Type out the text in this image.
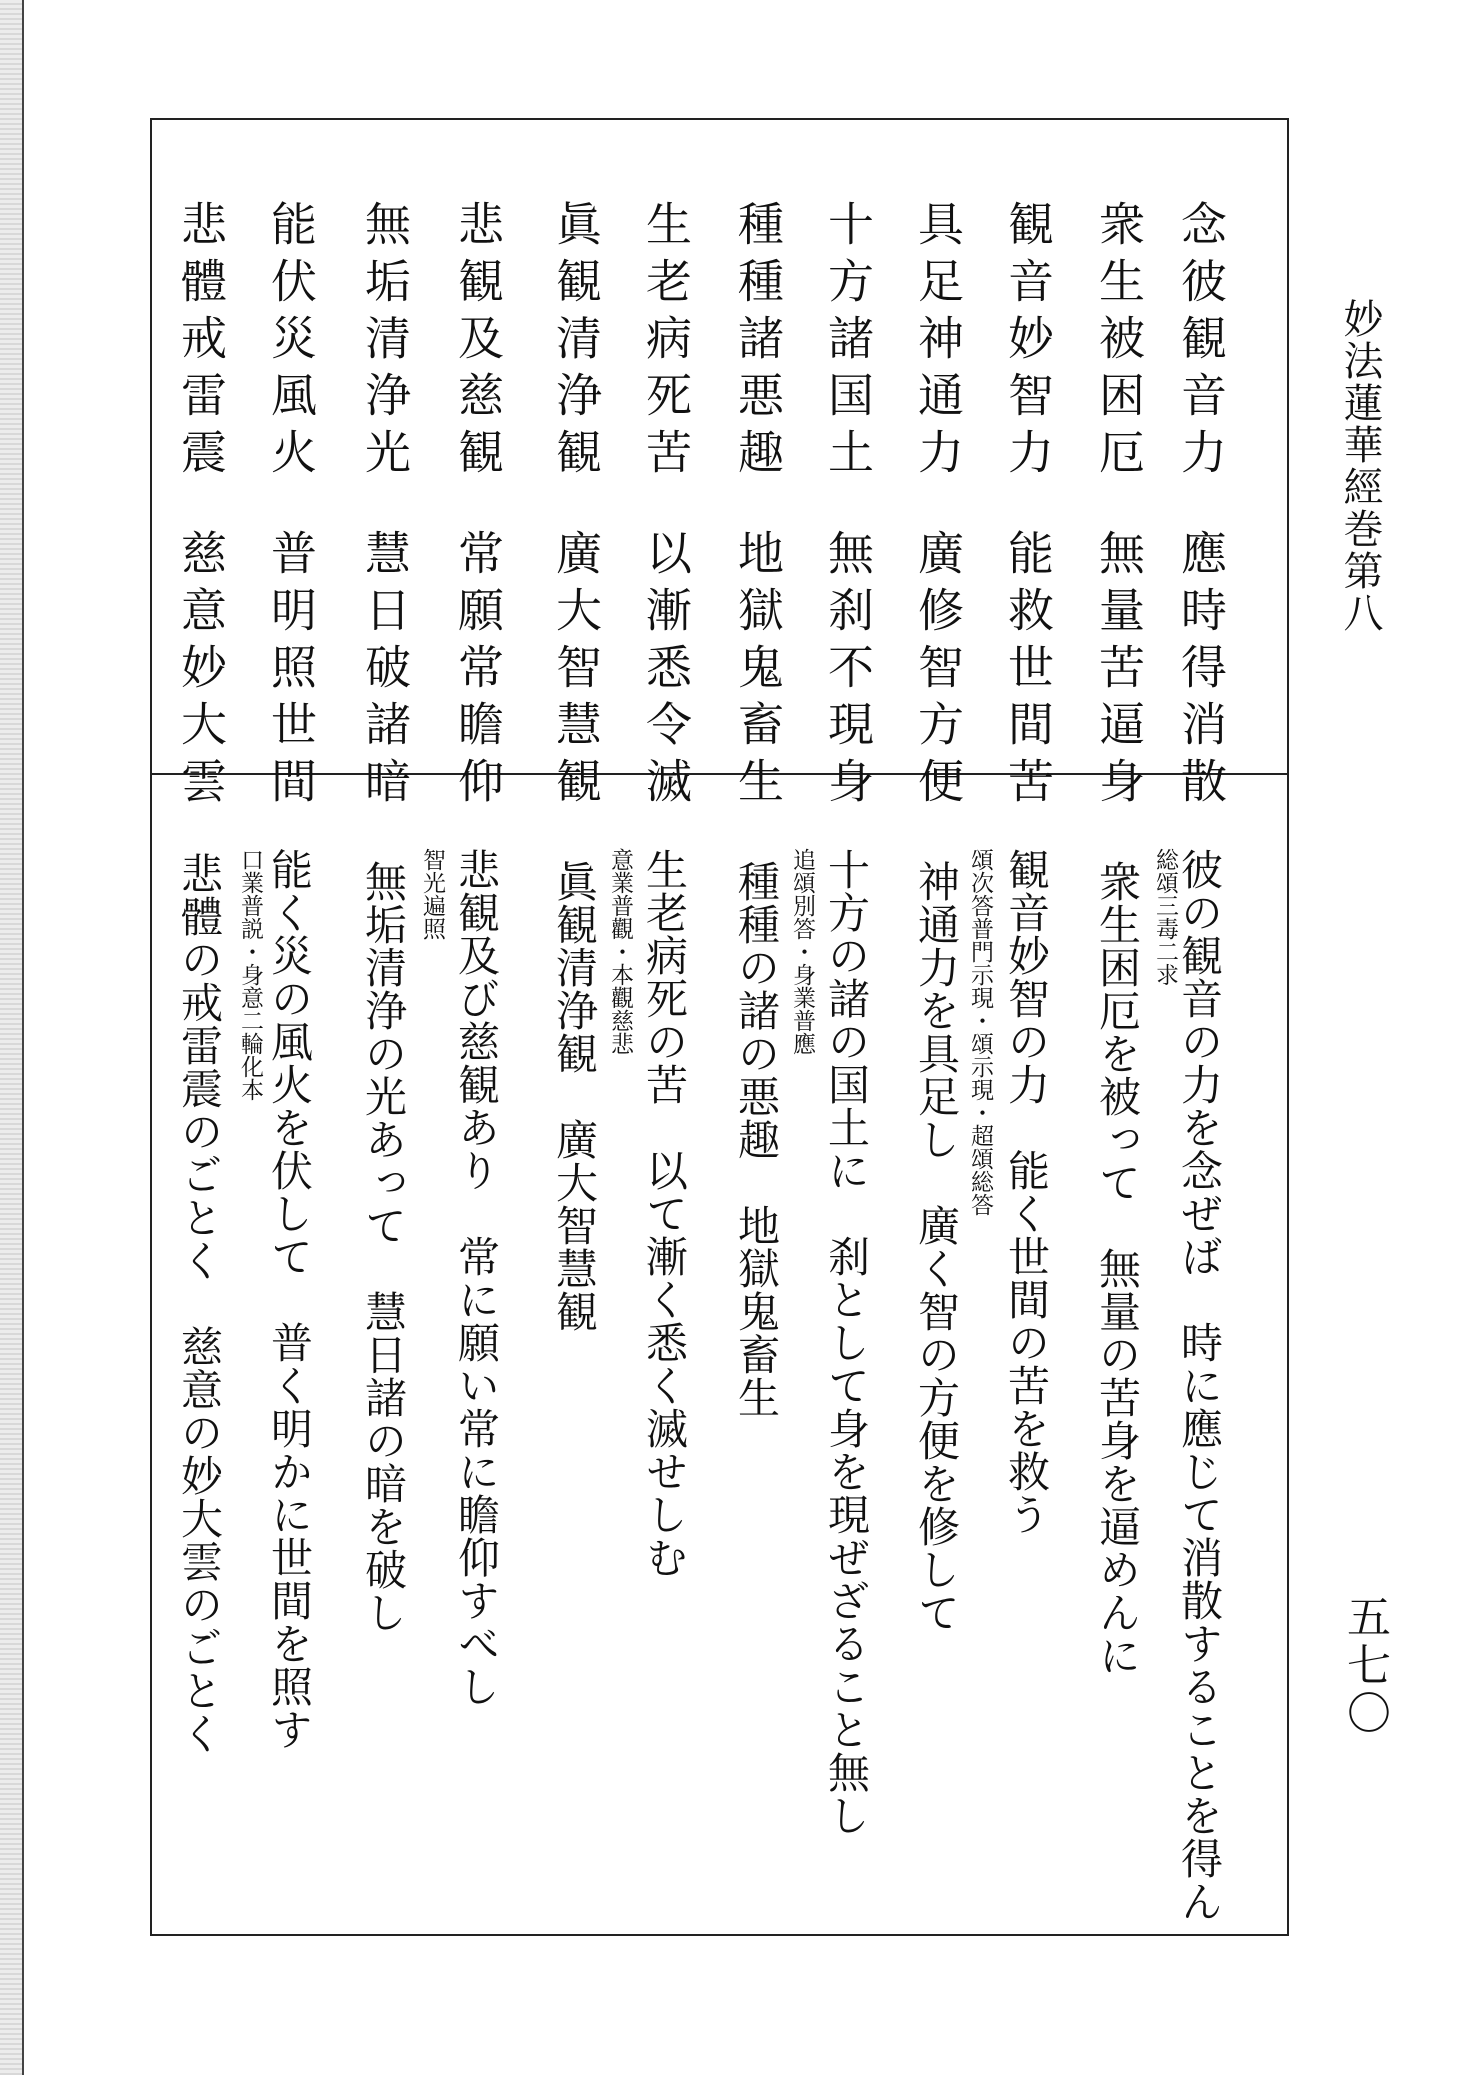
妙法蓮華經巻第八
五七〇
念彼観音力應時得消散
衆生被困厄無量苦逼身
観音妙智力能救世間苦
具足神通力廣修智方便
十方諸国土無刹不現身
種種諸悪趣地獄鬼畜生
生老病死苦以漸悉令滅
眞観清浄観廣大智慧観
悲観及慈観常願常瞻仰
無垢清浄光慧日破諸暗
能伏災風火普明照世間
悲體戒雷震慈意妙大雲
彼の観音の力を念ぜば　時に應じて消散することを得ん
衆生困厄を被って　無量の苦身を逼めんに
観音妙智の力　能く世間の苦を救う
神通力を具足し　廣く智の方便を修して
十方の諸の国土に　刹として身を現ぜざること無し
種種の諸の悪趣　地獄鬼畜生
生老病死の苦　以て漸く悉く滅せしむ
眞観清浄観　廣大智慧観
悲観及び慈観あり　常に願い常に瞻仰すべし
無垢清浄の光あって　慧日諸の暗を破し
能く災の風火を伏して　普く明かに世間を照す
悲體の戒雷震のごとく　慈意の妙大雲のごとく	総頌三毒二求
頌次答普門示現・頌示現・超頌総答
追頌別答・身業普應
意業普觀・本觀慈悲
智光遍照
口業普説・身意二輪化本
